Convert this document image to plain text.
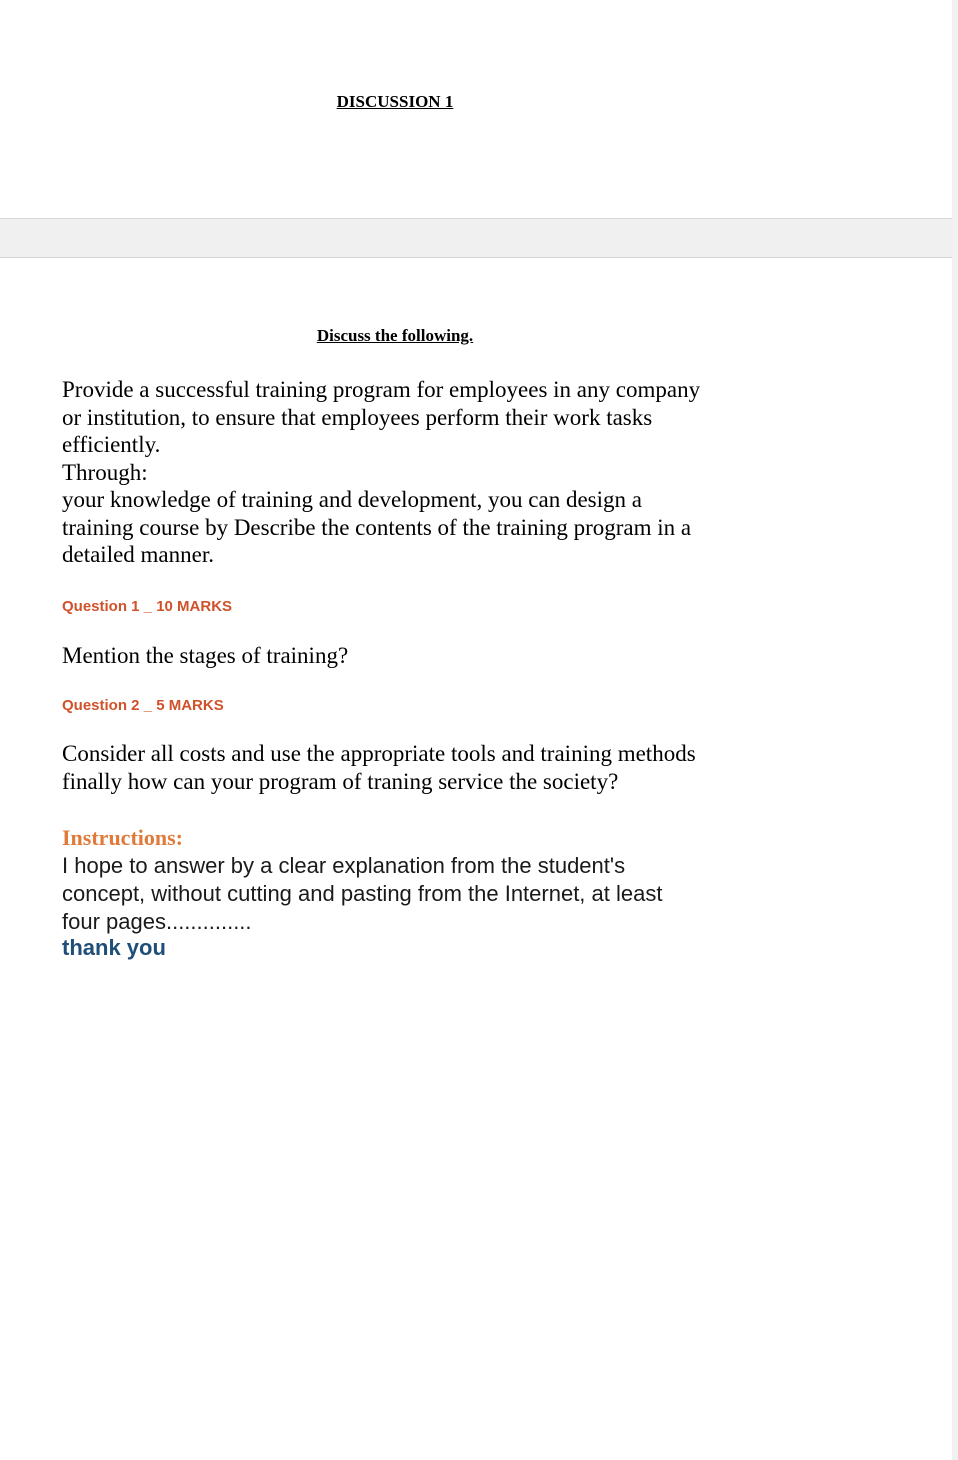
DISCUSSION 1

Discuss the following.

Provide a successful training program for employees in any company
or institution, to ensure that employees perform their work tasks
efficiently.
Through:
your knowledge of training and development, you can design a
training course by Describe the contents of the training program in a
detailed manner.

Question 1 _ 10 MARKS

Mention the stages of training?

Question 2 _ 5 MARKS

Consider all costs and use the appropriate tools and training methods
finally how can your program of traning service the society?

Instructions:

I hope to answer by a clear explanation from the student's
concept, without cutting and pasting from the Internet, at least
four pages..............

thank you
